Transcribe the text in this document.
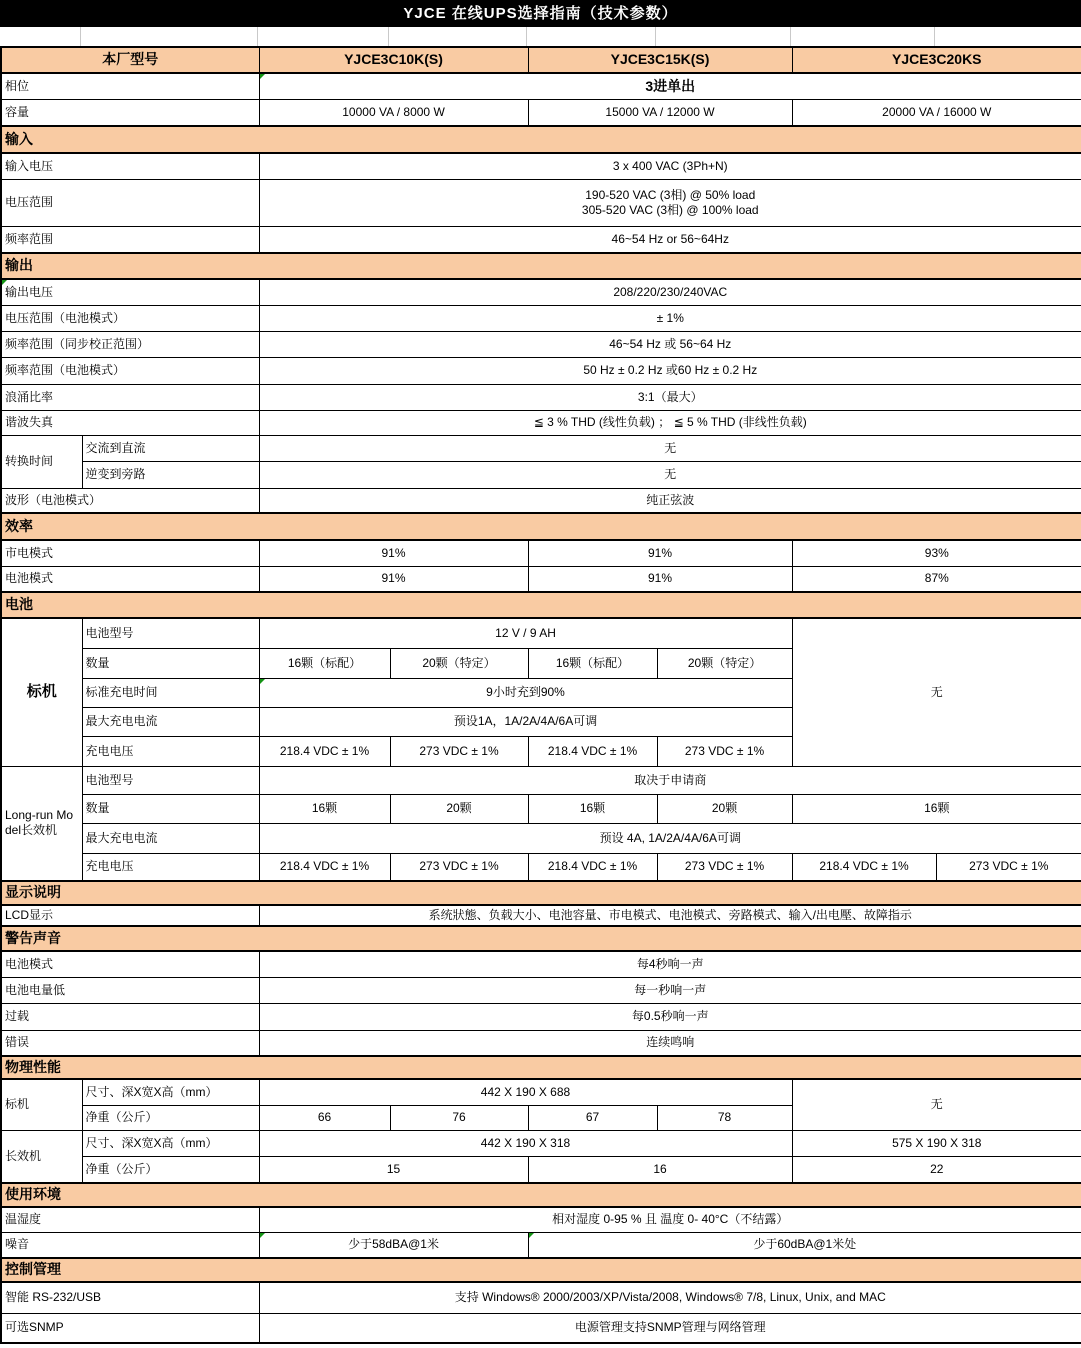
YJCE 在线UPS选择指南（技术参数）
本厂型号		YJCE3C10K(S)		YJCE3C15K(S)		YJCE3C20KS	
相位		3进单出					
容量		10000 VA / 8000 W		15000 VA / 12000 W		20000 VA / 16000 W	
输入							
输入电压		3 x 400 VAC (3Ph+N)					
电压范围		190-520 VAC (3相) @ 50% load
305-520 VAC (3相) @ 100% load					

频率范围		46~54 Hz or 56~64Hz					
输出							

输出电压		208/220/230/240VAC					
电压范围（电池模式）		± 1%					
频率范围（同步校正范围）		46~54 Hz 或 56~64 Hz					
频率范围（电池模式）		50 Hz ± 0.2 Hz 或60 Hz ± 0.2 Hz					
浪涌比率		3:1（最大）					
谐波失真		≦ 3 % THD (线性负载) ； ≦ 5 % THD (非线性负载)					
转换时间	交流到直流	无					
	逆变到旁路	无					
波形（电池模式）		纯正弦波					
效率							
市电模式		91%		91%		93%	
电池模式		91%		91%		87%	
电池							
标机	电池型号	12 V / 9 AH				无	
	数量	16颗（标配）	20颗（特定）	16颗（标配）	20颗（特定）		
	标准充电时间	9小时充到90%					
	最大充电电流	预设1A，1A/2A/4A/6A可调					
	充电电压	218.4 VDC ± 1%	273 VDC ± 1%	218.4 VDC ± 1%	273 VDC ± 1%		
Long-run Model长效机	电池型号	取决于申请商					
	数量	16颗	20颗	16颗	20颗	16颗	
	最大充电电流	预设 4A, 1A/2A/4A/6A可调					
	充电电压	218.4 VDC ± 1%	273 VDC ± 1%	218.4 VDC ± 1%	273 VDC ± 1%	218.4 VDC ± 1%	273 VDC ± 1%
显示说明							
LCD显示		系统狀態、负载大小、电池容量、市电模式、电池模式、旁路模式、输入/出电壓、故障指示					
警告声音							
电池模式		每4秒响一声					
电池电量低		每一秒响一声					
过载		每0.5秒响一声					
错误		连续鸣响					
物理性能							
标机	尺寸、深X宽X高（mm）	442 X 190 X 688				无	
	净重（公斤）	66	76	67	78		
长效机	尺寸、深X宽X高（mm）	442 X 190 X 318				575 X 190 X 318	
	净重（公斤）	15		16		22	
使用环境							
温湿度		相对湿度 0-95 % 且 温度 0- 40°C（不结露）					
噪音		少于58dBA@1米		少于60dBA@1米处			
控制管理							
智能 RS-232/USB		支持 Windows® 2000/2003/XP/Vista/2008, Windows® 7/8, Linux, Unix, and MAC					
可选SNMP		电源管理支持SNMP管理与网络管理					
